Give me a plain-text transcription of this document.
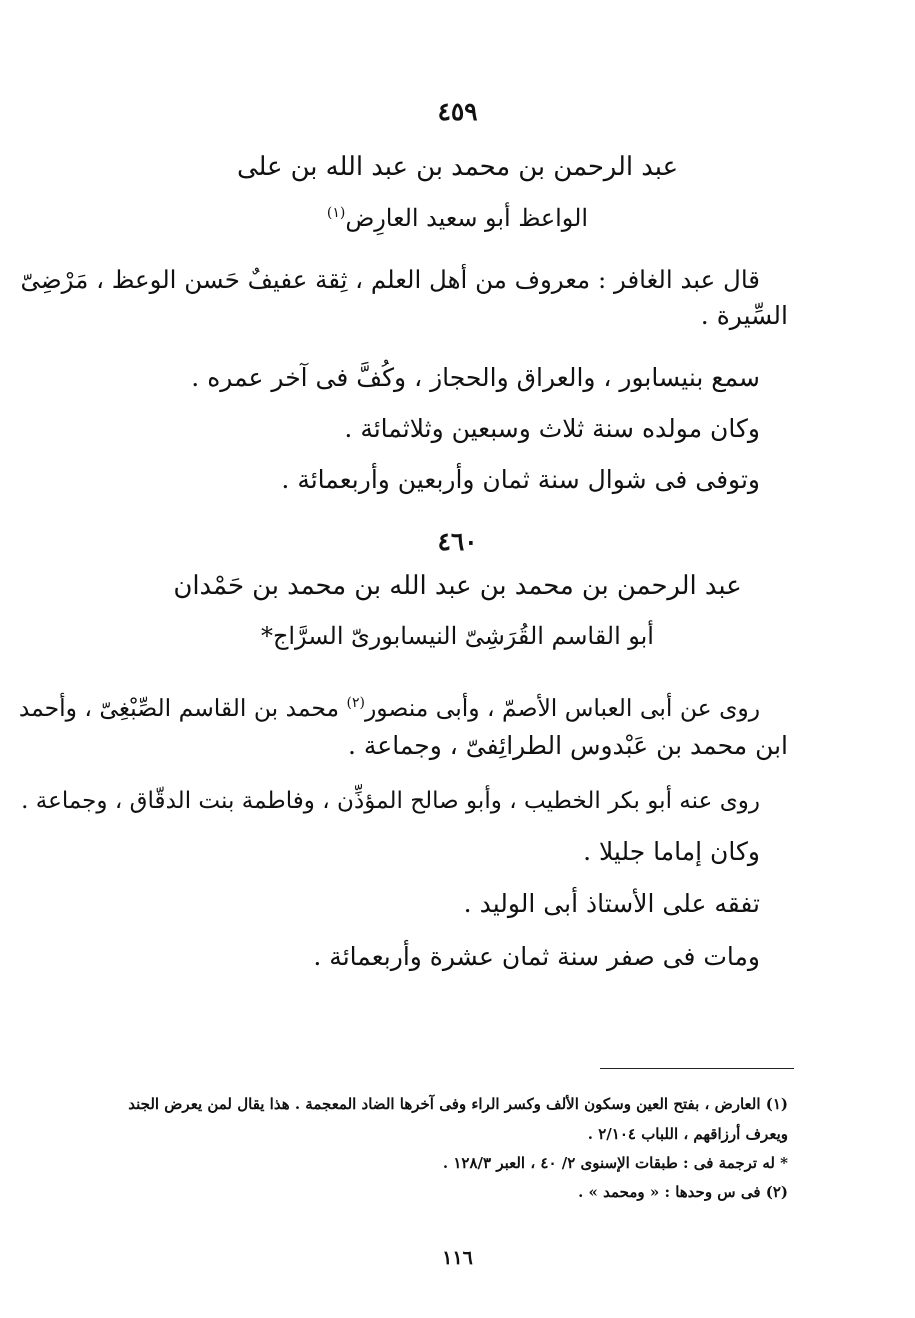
٤٥٩
عبد الرحمن بن محمد بن عبد الله بن على
الواعظ أبو سعيد العارِض$^{(١)}$
قال عبد الغافر : معروف من أهل العلم ، ثِقة عفيفٌ حَسن الوعظ ، مَرْضِىّ
السِّيرة .
سمع بنيسابور ، والعراق والحجاز ، وكُفَّ فى آخر عمره .
وكان مولده سنة ثلاث وسبعين وثلاثمائة .
وتوفى فى شوال سنة ثمان وأربعين وأربعمائة .
٤٦٠
عبد الرحمن بن محمد بن عبد الله بن محمد بن حَمْدان
أبو القاسم القُرَشِىّ النيسابورىّ السرَّاج*
روى عن أبى العباس الأصمّ ، وأبى منصور$^{(٢)}$ محمد بن القاسم الصِّبْغِىّ ، وأحمد
ابن محمد بن عَبْدوس الطرائِفىّ ، وجماعة .
روى عنه أبو بكر الخطيب ، وأبو صالح المؤذِّن ، وفاطمة بنت الدقّاق ، وجماعة .
وكان إماما جليلا .
تفقه على الأستاذ أبى الوليد .
ومات فى صفر سنة ثمان عشرة وأربعمائة .
(١) العارض ، بفتح العين وسكون الألف وكسر الراء وفى آخرها الضاد المعجمة . هذا يقال لمن يعرض الجند
ويعرف أرزاقهم ، اللباب ٢/١٠٤ .
* له ترجمة فى : طبقات الإسنوى ٢/ ٤٠ ، العبر ١٢٨/٣ .
(٢) فى س وحدها : « ومحمد » .
١١٦
